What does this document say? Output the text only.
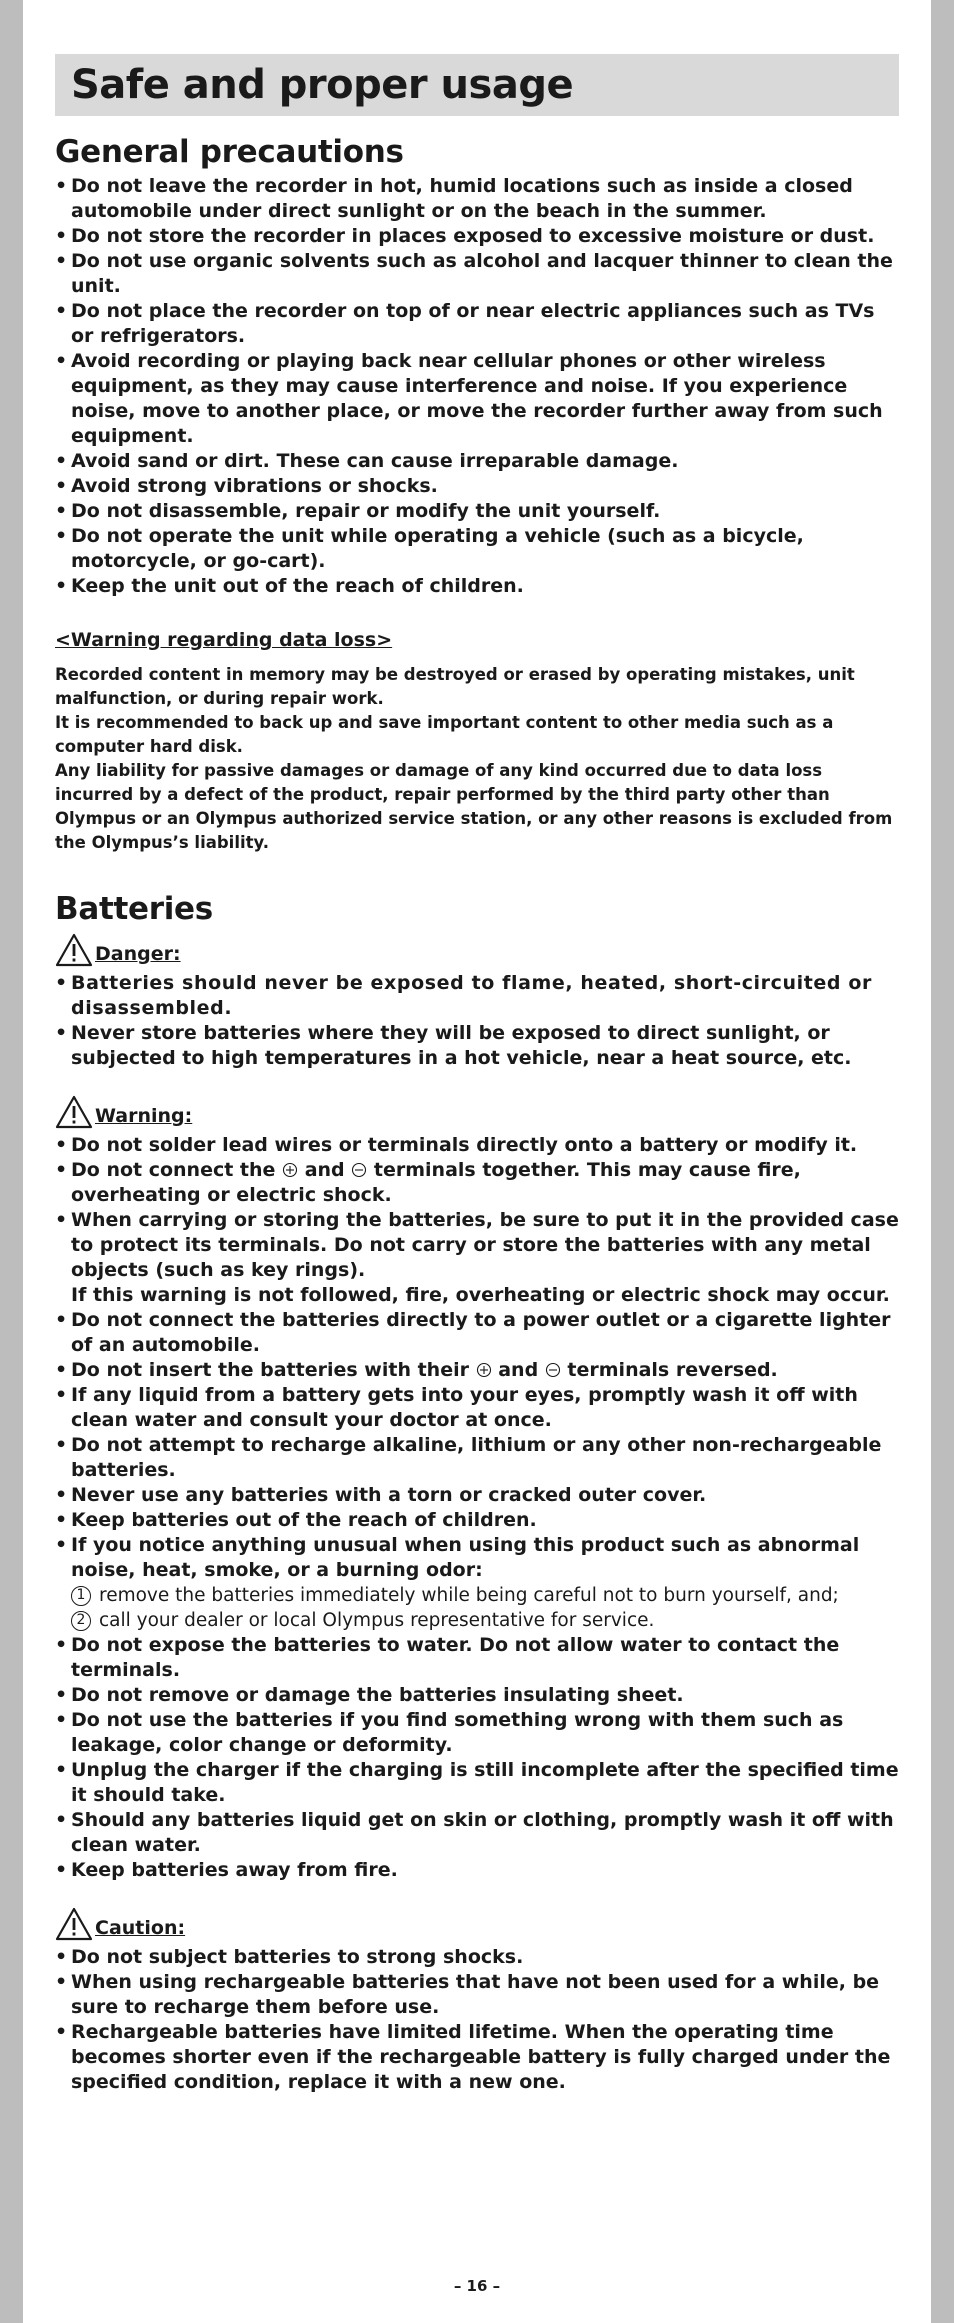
Safe and proper usage
General precautions
• Do not leave the recorder in hot, humid locations such as inside a closed automobile under direct sunlight or on the beach in the summer.
• Do not store the recorder in places exposed to excessive moisture or dust.
• Do not use organic solvents such as alcohol and lacquer thinner to clean the unit.
• Do not place the recorder on top of or near electric appliances such as TVs or refrigerators.
• Avoid recording or playing back near cellular phones or other wireless equipment, as they may cause interference and noise. If you experience noise, move to another place, or move the recorder further away from such equipment.
• Avoid sand or dirt. These can cause irreparable damage.
• Avoid strong vibrations or shocks.
• Do not disassemble, repair or modify the unit yourself.
• Do not operate the unit while operating a vehicle (such as a bicycle, motorcycle, or go-cart).
• Keep the unit out of the reach of children.
<Warning regarding data loss>

Recorded content in memory may be destroyed or erased by operating mistakes, unit malfunction, or during repair work.

It is recommended to back up and save important content to other media such as a computer hard disk.

Any liability for passive damages or damage of any kind occurred due to data loss incurred by a defect of the product, repair performed by the third party other than Olympus or an Olympus authorized service station, or any other reasons is excluded from the Olympus’s liability.

Batteries
Danger:
• Batteries should never be exposed to flame, heated, short-circuited or disassembled.
• Never store batteries where they will be exposed to direct sunlight, or subjected to high temperatures in a hot vehicle, near a heat source, etc.
Warning:
• Do not solder lead wires or terminals directly onto a battery or modify it.
• Do not connect the and terminals together. This may cause fire, overheating or electric shock.
• When carrying or storing the batteries, be sure to put it in the provided case to protect its terminals. Do not carry or store the batteries with any metal objects (such as key rings).
If this warning is not followed, fire, overheating or electric shock may occur.
• Do not connect the batteries directly to a power outlet or a cigarette lighter of an automobile.
• Do not insert the batteries with their and terminals reversed.
• If any liquid from a battery gets into your eyes, promptly wash it off with clean water and consult your doctor at once.
• Do not attempt to recharge alkaline, lithium or any other non-rechargeable batteries.
• Never use any batteries with a torn or cracked outer cover.
• Keep batteries out of the reach of children.
• If you notice anything unusual when using this product such as abnormal noise, heat, smoke, or a burning odor:
1 remove the batteries immediately while being careful not to burn yourself, and;
2 call your dealer or local Olympus representative for service.
• Do not expose the batteries to water. Do not allow water to contact the terminals.
• Do not remove or damage the batteries insulating sheet.
• Do not use the batteries if you find something wrong with them such as leakage, color change or deformity.
• Unplug the charger if the charging is still incomplete after the specified time it should take.
• Should any batteries liquid get on skin or clothing, promptly wash it off with clean water.
• Keep batteries away from fire.
Caution:
• Do not subject batteries to strong shocks.
• When using rechargeable batteries that have not been used for a while, be sure to recharge them before use.
• Rechargeable batteries have limited lifetime. When the operating time becomes shorter even if the rechargeable battery is fully charged under the specified condition, replace it with a new one.
– 16 –
